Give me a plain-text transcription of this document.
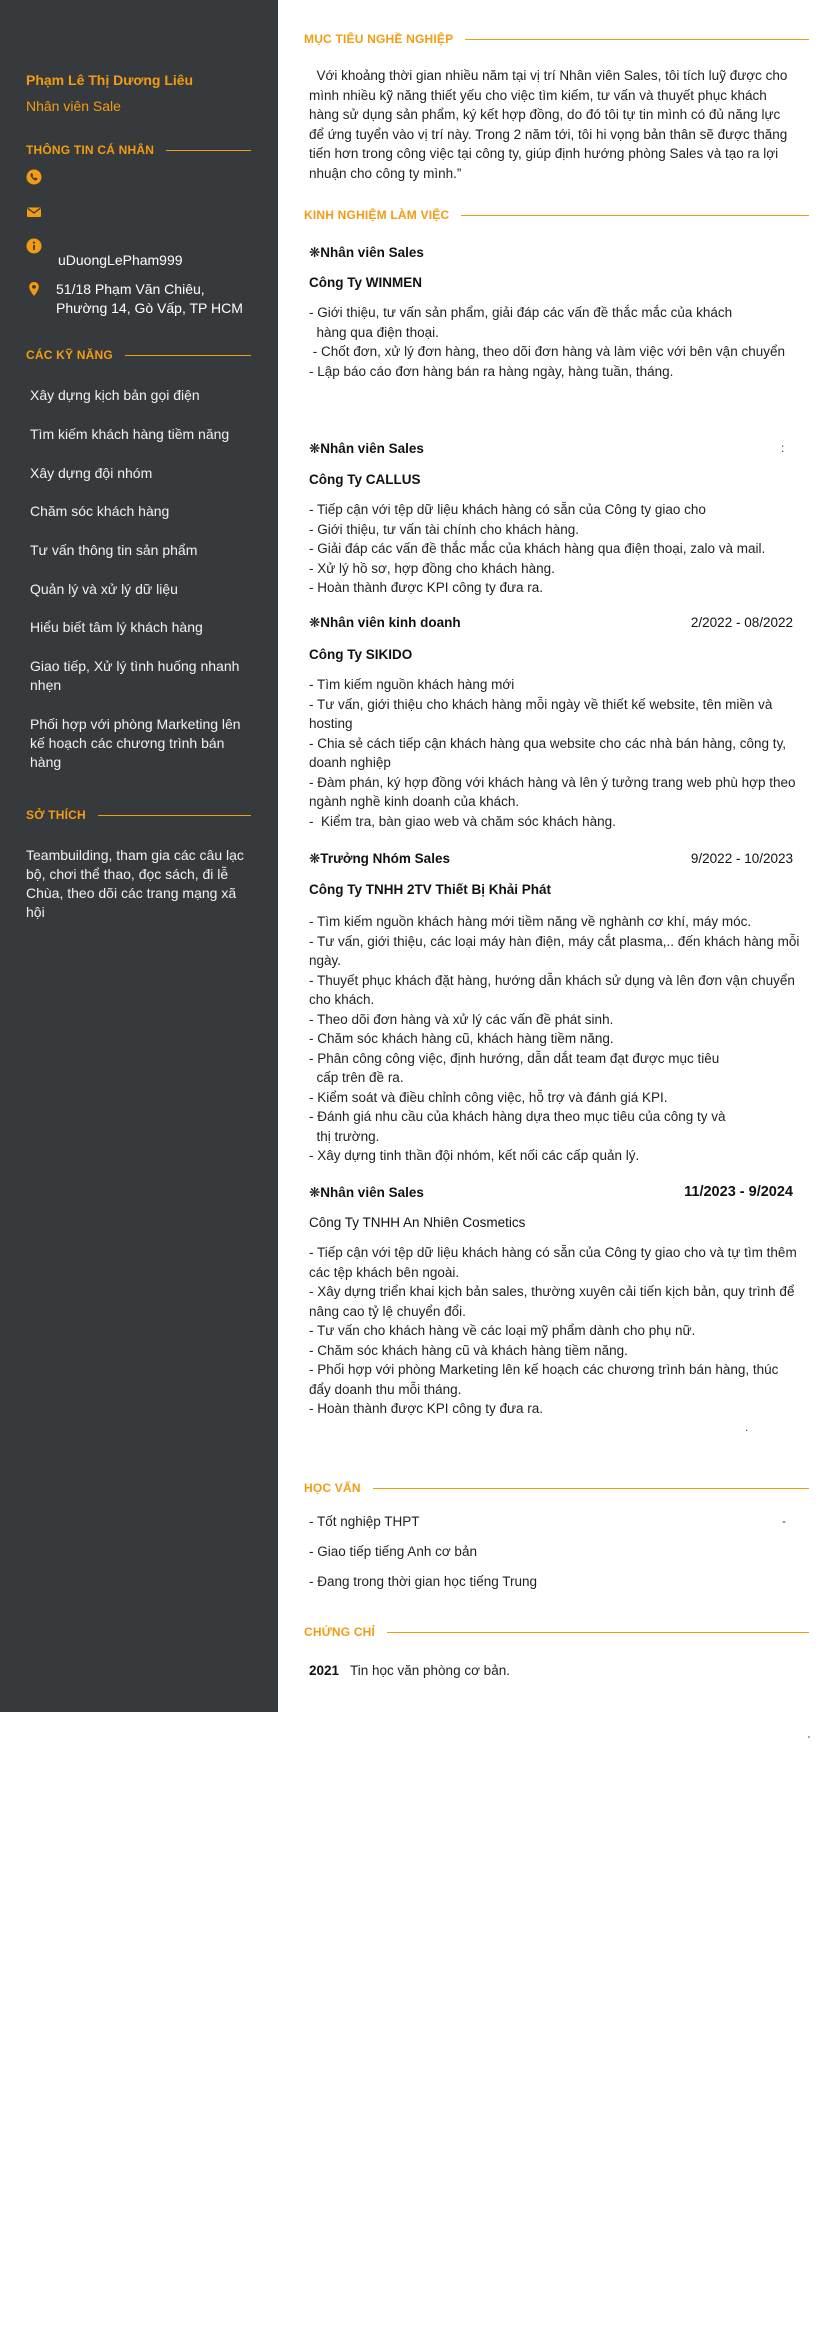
Phạm Lê Thị Dương Liêu
Nhân viên Sale
THÔNG TIN CÁ NHÂN
uDuongLePham999
51/18 Phạm Văn Chiêu,
Phường 14, Gò Vấp, TP HCM
CÁC KỸ NĂNG
Xây dựng kịch bản gọi điện
Tìm kiếm khách hàng tiềm năng
Xây dựng đội nhóm
Chăm sóc khách hàng
Tư vấn thông tin sản phẩm
Quản lý và xử lý dữ liệu
Hiểu biết tâm lý khách hàng
Giao tiếp, Xử lý tình huống nhanh nhẹn
Phối hợp với phòng Marketing lên kế hoạch các chương trình bán hàng
SỞ THÍCH
Teambuilding, tham gia các câu lạc bộ, chơi thể thao, đọc sách, đi lễ Chùa, theo dõi các trang mạng xã hội
MỤC TIÊU NGHỀ NGHIỆP
Với khoảng thời gian nhiều năm tại vị trí Nhân viên Sales, tôi tích luỹ được cho mình nhiều kỹ năng thiết yếu cho việc tìm kiếm, tư vấn và thuyết phục khách hàng sử dụng sản phẩm, ký kết hợp đồng, do đó tôi tự tin mình có đủ năng lực để ứng tuyển vào vị trí này. Trong 2 năm tới, tôi hi vọng bản thân sẽ được thăng tiến hơn trong công việc tại công ty, giúp định hướng phòng Sales và tạo ra lợi nhuận cho công ty mình.”
KINH NGHIỆM LÀM VIỆC
❋Nhân viên Sales
Công Ty WINMEN
- Giới thiệu, tư vấn sản phẩm, giải đáp các vấn đề thắc mắc của khách
hàng qua điện thoại.
- Chốt đơn, xử lý đơn hàng, theo dõi đơn hàng và làm việc với bên vận chuyển
- Lập báo cáo đơn hàng bán ra hàng ngày, hàng tuần, tháng.
❋Nhân viên Sales	:
Công Ty CALLUS
- Tiếp cận với tệp dữ liệu khách hàng có sẵn của Công ty giao cho
- Giới thiệu, tư vấn tài chính cho khách hàng.
- Giải đáp các vấn đề thắc mắc của khách hàng qua điện thoại, zalo và mail.
- Xử lý hồ sơ, hợp đồng cho khách hàng.
- Hoàn thành được KPI công ty đưa ra.
❋Nhân viên kinh doanh	2/2022 - 08/2022
Công Ty SIKIDO
- Tìm kiếm nguồn khách hàng mới
- Tư vấn, giới thiệu cho khách hàng mỗi ngày về thiết kế website, tên miền và hosting
- Chia sẻ cách tiếp cận khách hàng qua website cho các nhà bán hàng, công ty, doanh nghiệp
- Đàm phán, ký hợp đồng với khách hàng và lên ý tưởng trang web phù hợp theo ngành nghề kinh doanh của khách.
-  Kiểm tra, bàn giao web và chăm sóc khách hàng.
❋Trưởng Nhóm Sales	9/2022 - 10/2023
Công Ty TNHH 2TV Thiết Bị Khải Phát
- Tìm kiếm nguồn khách hàng mới tiềm năng về nghành cơ khí, máy móc.
- Tư vấn, giới thiệu, các loại máy hàn điện, máy cắt plasma,.. đến khách hàng mỗi ngày.
- Thuyết phục khách đặt hàng, hướng dẫn khách sử dụng và lên đơn vận chuyển cho khách.
- Theo dõi đơn hàng và xử lý các vấn đề phát sinh.
- Chăm sóc khách hàng cũ, khách hàng tiềm năng.
- Phân công công việc, định hướng, dẫn dắt team đạt được mục tiêu
cấp trên đề ra.
- Kiểm soát và điều chỉnh công việc, hỗ trợ và đánh giá KPI.
- Đánh giá nhu cầu của khách hàng dựa theo mục tiêu của công ty và
thị trường.
- Xây dựng tinh thần đội nhóm, kết nối các cấp quản lý.
❋Nhân viên Sales	11/2023 - 9/2024
Công Ty TNHH An Nhiên Cosmetics
- Tiếp cận với tệp dữ liệu khách hàng có sẵn của Công ty giao cho và tự tìm thêm các tệp khách bên ngoài.
- Xây dựng triển khai kịch bản sales, thường xuyên cải tiến kịch bản, quy trình để nâng cao tỷ lệ chuyển đổi.
- Tư vấn cho khách hàng về các loại mỹ phẩm dành cho phụ nữ.
- Chăm sóc khách hàng cũ và khách hàng tiềm năng.
- Phối hợp với phòng Marketing lên kế hoạch các chương trình bán hàng, thúc đẩy doanh thu mỗi tháng.
- Hoàn thành được KPI công ty đưa ra.
.
HỌC VẤN
- Tốt nghiệp THPT	-
- Giao tiếp tiếng Anh cơ bản
- Đang trong thời gian học tiếng Trung
CHỨNG CHỈ
2021 Tin học văn phòng cơ bản.
'
